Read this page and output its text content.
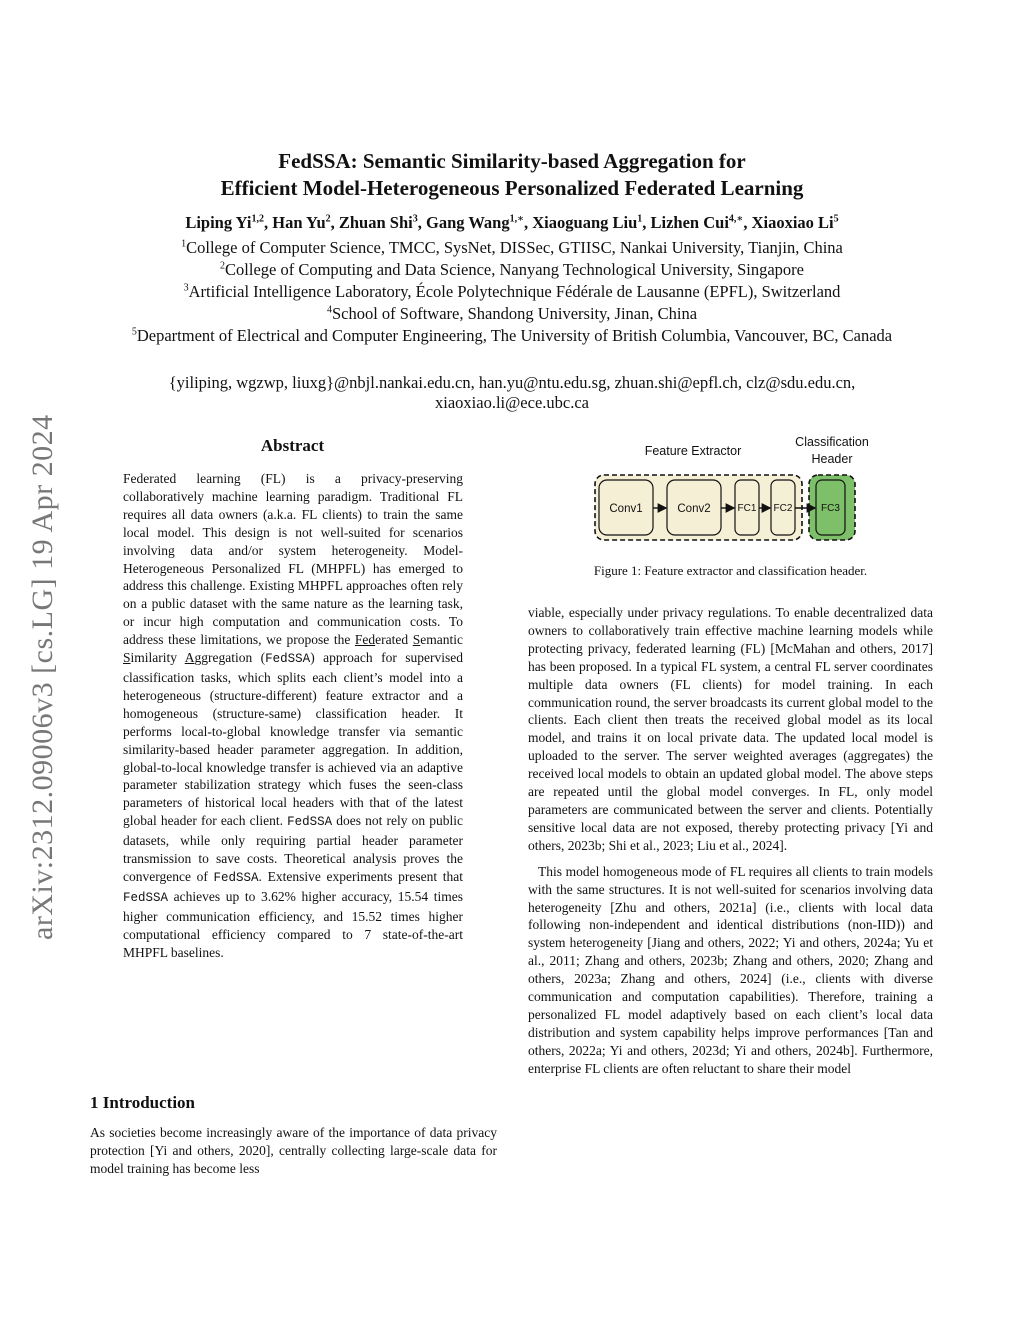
FedSSA: Semantic Similarity-based Aggregation for
Efficient Model-Heterogeneous Personalized Federated Learning
Liping Yi$^{1,2}$, Han Yu$^2$, Zhuan Shi$^3$, Gang Wang$^{1,∗}$, Xiaoguang Liu$^1$, Lizhen Cui$^{4,∗}$, Xiaoxiao Li$^5$
$^1$College of Computer Science, TMCC, SysNet, DISSec, GTIISC, Nankai University, Tianjin, China
$^2$College of Computing and Data Science, Nanyang Technological University, Singapore
$^3$Artificial Intelligence Laboratory, École Polytechnique Fédérale de Lausanne (EPFL), Switzerland
$^4$School of Software, Shandong University, Jinan, China
$^5$Department of Electrical and Computer Engineering, The University of British Columbia, Vancouver, BC, Canada
{yiliping, wgzwp, liuxg}@nbjl.nankai.edu.cn, han.yu@ntu.edu.sg, zhuan.shi@epfl.ch, clz@sdu.edu.cn,
xiaoxiao.li@ece.ubc.ca
arXiv:2312.09006v3 [cs.LG] 19 Apr 2024	Abstract
Federated learning (FL) is a privacy-preserving collaboratively machine learning paradigm. Traditional FL requires all data owners (a.k.a. FL clients) to train the same local model. This design is not well-suited for scenarios involving data and/or system heterogeneity. Model-Heterogeneous Personalized FL (MHPFL) has emerged to address this challenge. Existing MHPFL approaches often rely on a public dataset with the same nature as the learning task, or incur high computation and communication costs. To address these limitations, we propose the Federated Semantic Similarity Aggregation (FedSSA) approach for supervised classification tasks, which splits each client’s model into a heterogeneous (structure-different) feature extractor and a homogeneous (structure-same) classification header. It performs local-to-global knowledge transfer via semantic similarity-based header parameter aggregation. In addition, global-to-local knowledge transfer is achieved via an adaptive parameter stabilization strategy which fuses the seen-class parameters of historical local headers with that of the latest global header for each client. FedSSA does not rely on public datasets, while only requiring partial header parameter transmission to save costs. Theoretical analysis proves the convergence of FedSSA. Extensive experiments present that FedSSA achieves up to 3.62% higher accuracy, 15.54 times higher communication efficiency, and 15.52 times higher computational efficiency compared to 7 state-of-the-art MHPFL baselines.
1 Introduction
As societies become increasingly aware of the importance of data privacy protection [Yi and others, 2020], centrally collecting large-scale data for model training has become less
Feature Extractor
Classification
Header
Conv1	Conv2	FC1 FC2	FC3
Figure 1: Feature extractor and classification header.

viable, especially under privacy regulations. To enable decentralized data owners to collaboratively train effective machine learning models while protecting privacy, federated learning (FL) [McMahan and others, 2017] has been proposed. In a typical FL system, a central FL server coordinates multiple data owners (FL clients) for model training. In each communication round, the server broadcasts its current global model to the clients. Each client then treats the received global model as its local model, and trains it on local private data. The updated local model is uploaded to the server. The server weighted averages (aggregates) the received local models to obtain an updated global model. The above steps are repeated until the global model converges. In FL, only model parameters are communicated between the server and clients. Potentially sensitive local data are not exposed, thereby protecting privacy [Yi and others, 2023b; Shi et al., 2023; Liu et al., 2024].

This model homogeneous mode of FL requires all clients to train models with the same structures. It is not well-suited for scenarios involving data heterogeneity [Zhu and others, 2021a] (i.e., clients with local data following non-independent and identical distributions (non-IID)) and system heterogeneity [Jiang and others, 2022; Yi and others, 2024a; Yu et al., 2011; Zhang and others, 2023b; Zhang and others, 2020; Zhang and others, 2023a; Zhang and others, 2024] (i.e., clients with diverse communication and computation capabilities). Therefore, training a personalized FL model adaptively based on each client’s local data distribution and system capability helps improve performances [Tan and others, 2022a; Yi and others, 2023d; Yi and others, 2024b]. Furthermore, enterprise FL clients are often reluctant to share their model
